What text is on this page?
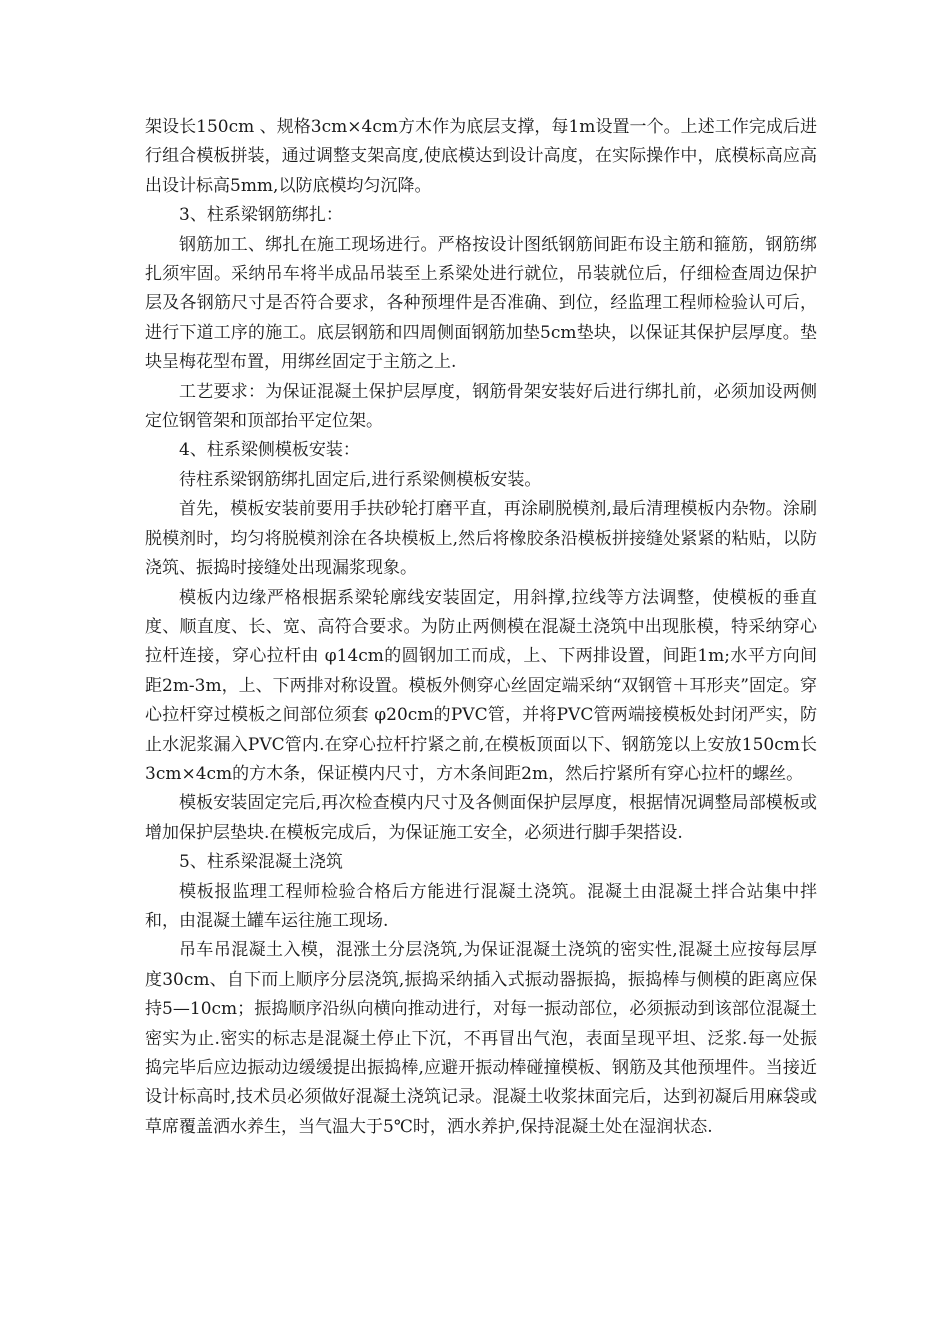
架设长150cm 、规格3cm×4cm方木作为底层支撑，每1m设置一个。上述工作完成后进行组合模板拼装，通过调整支架高度,使底模达到设计高度，在实际操作中，底模标高应高出设计标高5mm,以防底模均匀沉降。

3、柱系梁钢筋绑扎：

钢筋加工、绑扎在施工现场进行。严格按设计图纸钢筋间距布设主筋和箍筋，钢筋绑扎须牢固。采纳吊车将半成品吊装至上系梁处进行就位，吊装就位后，仔细检查周边保护层及各钢筋尺寸是否符合要求，各种预埋件是否准确、到位，经监理工程师检验认可后，进行下道工序的施工。底层钢筋和四周侧面钢筋加垫5cm垫块，以保证其保护层厚度。垫块呈梅花型布置，用绑丝固定于主筋之上.

工艺要求：为保证混凝土保护层厚度，钢筋骨架安装好后进行绑扎前，必须加设两侧定位钢管架和顶部抬平定位架。

4、柱系梁侧模板安装：

待柱系梁钢筋绑扎固定后,进行系梁侧模板安装。

首先，模板安装前要用手扶砂轮打磨平直，再涂刷脱模剂,最后清理模板内杂物。涂刷脱模剂时，均匀将脱模剂涂在各块模板上,然后将橡胶条沿模板拼接缝处紧紧的粘贴，以防浇筑、振捣时接缝处出现漏浆现象。

模板内边缘严格根据系梁轮廓线安装固定，用斜撑,拉线等方法调整，使模板的垂直度、顺直度、长、宽、高符合要求。为防止两侧模在混凝土浇筑中出现胀模，特采纳穿心拉杆连接，穿心拉杆由 φ14cm的圆钢加工而成，上、下两排设置，间距1m;水平方向间距2m-3m，上、下两排对称设置。模板外侧穿心丝固定端采纳“双钢管＋耳形夹”固定。穿心拉杆穿过模板之间部位须套 φ20cm的PVC管，并将PVC管两端接模板处封闭严实，防止水泥浆漏入PVC管内.在穿心拉杆拧紧之前,在模板顶面以下、钢筋笼以上安放150cm长3cm×4cm的方木条，保证模内尺寸，方木条间距2m，然后拧紧所有穿心拉杆的螺丝。

模板安装固定完后,再次检查模内尺寸及各侧面保护层厚度，根据情况调整局部模板或增加保护层垫块.在模板完成后，为保证施工安全，必须进行脚手架搭设.

5、柱系梁混凝土浇筑

模板报监理工程师检验合格后方能进行混凝土浇筑。混凝土由混凝土拌合站集中拌和，由混凝土罐车运往施工现场.

吊车吊混凝土入模，混涨土分层浇筑,为保证混凝土浇筑的密实性,混凝土应按每层厚度30cm、自下而上顺序分层浇筑,振捣采纳插入式振动器振捣，振捣棒与侧模的距离应保持5—10cm；振捣顺序沿纵向横向推动进行，对每一振动部位，必须振动到该部位混凝土密实为止.密实的标志是混凝土停止下沉，不再冒出气泡，表面呈现平坦、泛浆.每一处振捣完毕后应边振动边缓缓提出振捣棒,应避开振动棒碰撞模板、钢筋及其他预埋件。当接近设计标高时,技术员必须做好混凝土浇筑记录。混凝土收浆抹面完后，达到初凝后用麻袋或草席覆盖洒水养生，当气温大于5℃时，洒水养护,保持混凝土处在湿润状态.
